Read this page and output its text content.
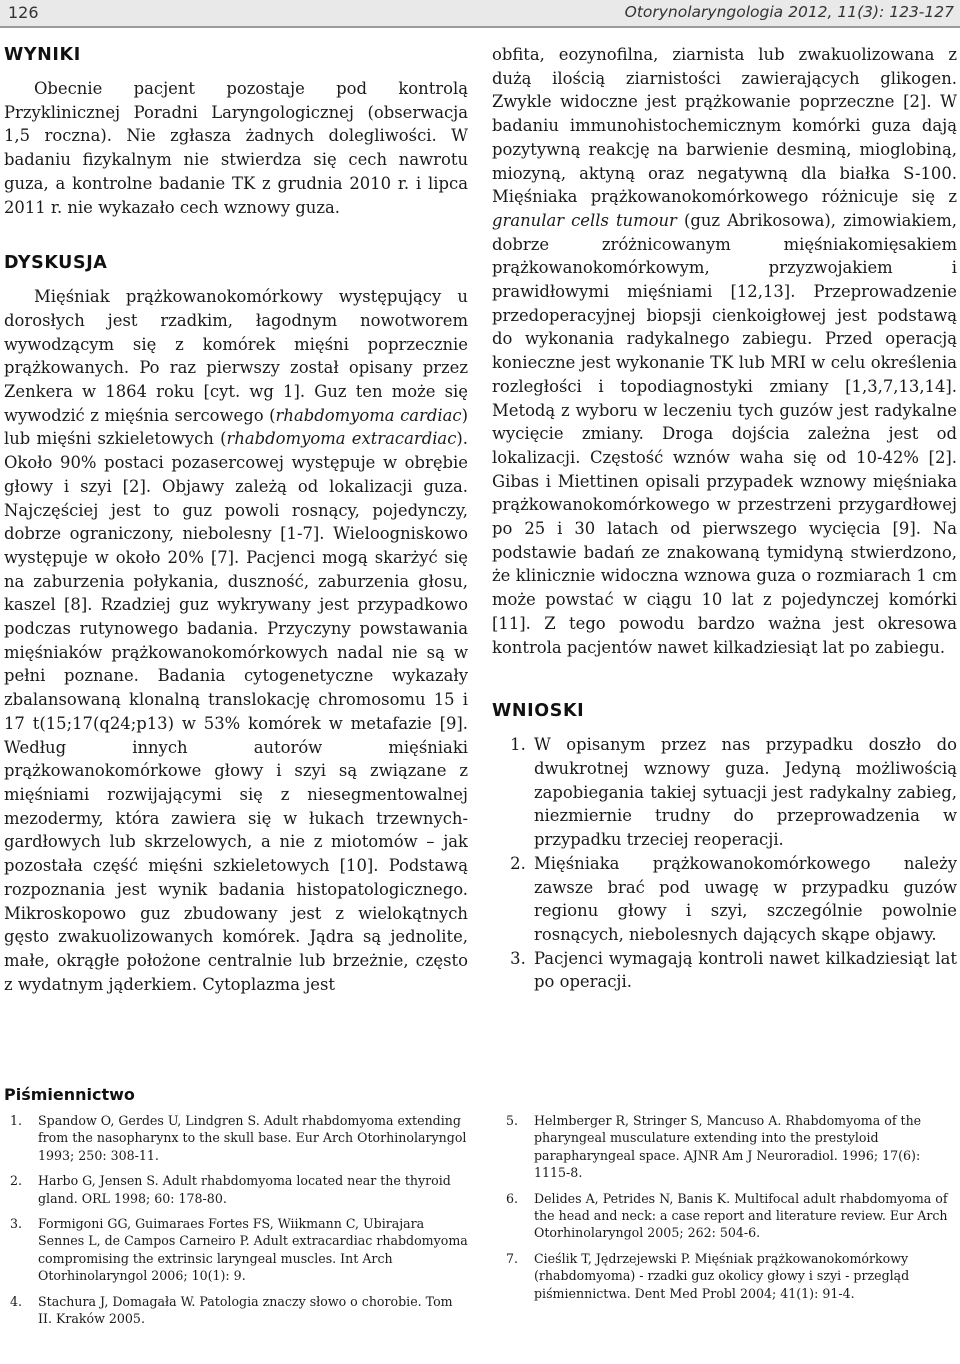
126	Otorynolaryngologia 2012, 11(3): 123-127
WYNIKI

Obecnie pacjent pozostaje pod kontrolą Przyklinicznej Poradni Laryngologicznej (obserwacja 1,5 roczna). Nie zgłasza żadnych dolegliwości. W badaniu fizykalnym nie stwierdza się cech nawrotu guza, a kontrolne badanie TK z grudnia 2010 r. i lipca 2011 r. nie wykazało cech wznowy guza.

DYSKUSJA

Mięśniak prążkowanokomórkowy występujący u dorosłych jest rzadkim, łagodnym nowotworem wywodzącym się z komórek mięśni poprzecznie prążkowanych. Po raz pierwszy został opisany przez Zenkera w 1864 roku [cyt. wg 1]. Guz ten może się wywodzić z mięśnia sercowego (rhabdomyoma cardiac) lub mięśni szkieletowych (rhabdomyoma extracardiac). Około 90% postaci pozasercowej występuje w obrębie głowy i szyi [2]. Objawy zależą od lokalizacji guza. Najczęściej jest to guz powoli rosnący, pojedynczy, dobrze ograniczony, niebolesny [1-7]. Wieloogniskowo występuje w około 20% [7]. Pacjenci mogą skarżyć się na zaburzenia połykania, duszność, zaburzenia głosu, kaszel [8]. Rzadziej guz wykrywany jest przypadkowo podczas rutynowego badania. Przyczyny powstawania mięśniaków prążkowanokomórkowych nadal nie są w pełni poznane. Badania cytogenetyczne wykazały zbalansowaną klonalną translokację chromosomu 15 i 17 t(15;17(q24;p13) w 53% komórek w metafazie [9]. Według innych autorów mięśniaki prążkowanokomórkowe głowy i szyi są związane z mięśniami rozwijającymi się z niesegmentowalnej mezodermy, która zawiera się w łukach trzewnych-gardłowych lub skrzelowych, a nie z miotomów – jak pozostała część mięśni szkieletowych [10]. Podstawą rozpoznania jest wynik badania histopatologicznego. Mikroskopowo guz zbudowany jest z wielokątnych gęsto zwakuolizowanych komórek. Jądra są jednolite, małe, okrągłe położone centralnie lub brzeżnie, często z wydatnym jąderkiem. Cytoplazma jest

obfita, eozynofilna, ziarnista lub zwakuolizowana z dużą ilością ziarnistości zawierających glikogen. Zwykle widoczne jest prążkowanie poprzeczne [2]. W badaniu immunohistochemicznym komórki guza dają pozytywną reakcję na barwienie desminą, mioglobiną, miozyną, aktyną oraz negatywną dla białka S-100. Mięśniaka prążkowanokomórkowego różnicuje się z granular cells tumour (guz Abrikosowa), zimowiakiem, dobrze zróżnicowanym mięśniakomięsakiem prążkowanokomórkowym, przyzwojakiem i prawidłowymi mięśniami [12,13]. Przeprowadzenie przedoperacyjnej biopsji cienkoigłowej jest podstawą do wykonania radykalnego zabiegu. Przed operacją konieczne jest wykonanie TK lub MRI w celu określenia rozległości i topodiagnostyki zmiany [1,3,7,13,14]. Metodą z wyboru w leczeniu tych guzów jest radykalne wycięcie zmiany. Droga dojścia zależna jest od lokalizacji. Częstość wznów waha się od 10-42% [2]. Gibas i Miettinen opisali przypadek wznowy mięśniaka prążkowanokomórkowego w przestrzeni przygardłowej po 25 i 30 latach od pierwszego wycięcia [9]. Na podstawie badań ze znakowaną tymidyną stwierdzono, że klinicznie widoczna wznowa guza o rozmiarach 1 cm może powstać w ciągu 10 lat z pojedynczej komórki [11]. Z tego powodu bardzo ważna jest okresowa kontrola pacjentów nawet kilkadziesiąt lat po zabiegu.

WNIOSKI
1. W opisanym przez nas przypadku doszło do dwukrotnej wznowy guza. Jedyną możliwością zapobiegania takiej sytuacji jest radykalny zabieg, niezmiernie trudny do przeprowadzenia w przypadku trzeciej reoperacji.
2. Mięśniaka prążkowanokomórkowego należy zawsze brać pod uwagę w przypadku guzów regionu głowy i szyi, szczególnie powolnie rosnących, niebolesnych dających skąpe objawy.
3. Pacjenci wymagają kontroli nawet kilkadziesiąt lat po operacji.
Piśmiennictwo
1.	Spandow O, Gerdes U, Lindgren S. Adult rhabdomyoma extending from the nasopharynx to the skull base. Eur Arch Otorhinolaryngol 1993; 250: 308-11.
2.	Harbo G, Jensen S. Adult rhabdomyoma located near the thyroid gland. ORL 1998; 60: 178-80.
3.	Formigoni GG, Guimaraes Fortes FS, Wiikmann C, Ubirajara Sennes L, de Campos Carneiro P. Adult extracardiac rhabdomyoma compromising the extrinsic laryngeal muscles. Int Arch Otorhinolaryngol 2006; 10(1): 9.
4.	Stachura J, Domagała W. Patologia znaczy słowo o chorobie. Tom II. Kraków 2005.
5.	Helmberger R, Stringer S, Mancuso A. Rhabdomyoma of the pharyngeal musculature extending into the prestyloid parapharyngeal space. AJNR Am J Neuroradiol. 1996; 17(6): 1115-8.
6.	Delides A, Petrides N, Banis K. Multifocal adult rhabdomyoma of the head and neck: a case report and literature review. Eur Arch Otorhinolaryngol 2005; 262: 504-6.
7.	Cieślik T, Jędrzejewski P. Mięśniak prążkowanokomórkowy (rhabdomyoma) - rzadki guz okolicy głowy i szyi - przegląd piśmiennictwa. Dent Med Probl 2004; 41(1): 91-4.
